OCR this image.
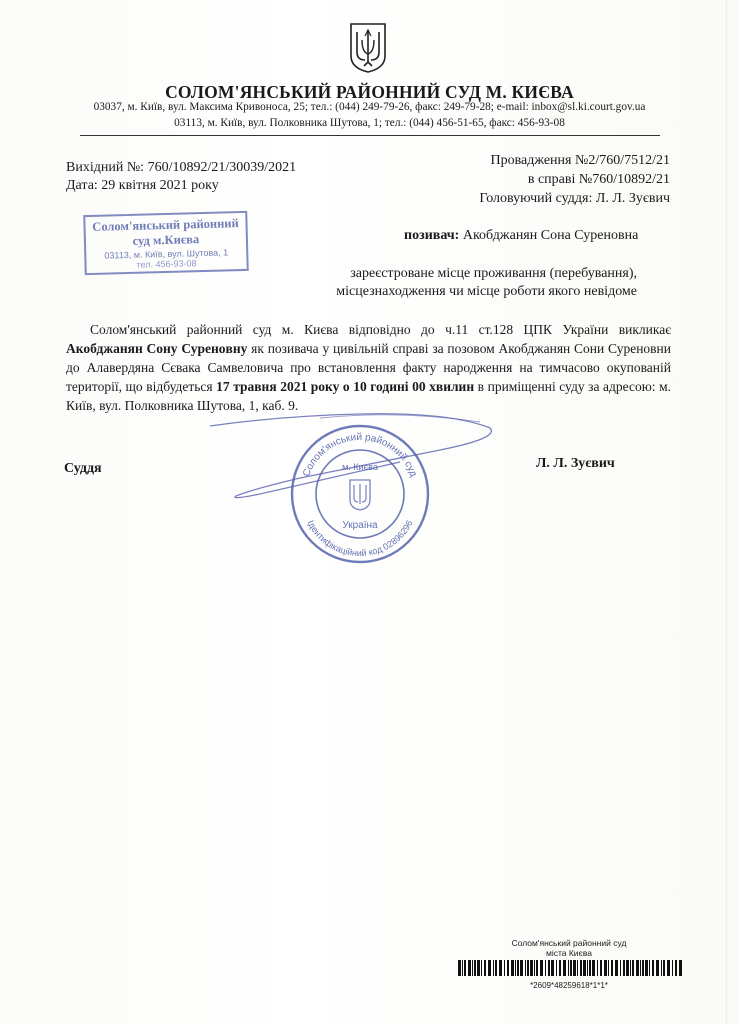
СОЛОМ'ЯНСЬКИЙ РАЙОННИЙ СУД М. КИЄВА
03037, м. Київ, вул. Максима Кривоноса, 25; тел.: (044) 249-79-26, факс: 249-79-28; e-mail: inbox@sl.ki.court.gov.ua
03113, м. Київ, вул. Полковника Шутова, 1; тел.: (044) 456-51-65, факс: 456-93-08
Вихідний №: 760/10892/21/30039/2021
Дата: 29 квітня 2021 року
Провадження №2/760/7512/21
в справі №760/10892/21
Головуючий суддя: Л. Л. Зуєвич
Солом'янський районний
суд м.Києва
03113, м. Київ, вул. Шутова, 1
тел. 456-93-08
позивач: Акобджанян Сона Суренoвна
зареєстроване місце проживання (перебування),
місцезнаходження чи місце роботи якого невідоме

Солом'янський районний суд м. Києва відповідно до ч.11 ст.128 ЦПК України викликає Акобджанян Сону Суренoвну як позивача у цивільній справі за позовом Акобджанян Сони Суренoвни до Алавердяна Сєвака Самвеловича про встановлення факту народження на тимчасово окупованій території, що відбудеться 17 травня 2021 року о 10 годині 00 хвилин в приміщенні суду за адресою: м. Київ, вул. Полковника Шутова, 1, каб. 9.

Суддя	Л. Л. Зуєвич
Солом'янський районний суд
Ідентифікаційний код 02896296
Україна
м. Києва
Солом'янський районний суд
міста Києва
*2609*48259618*1*1*
